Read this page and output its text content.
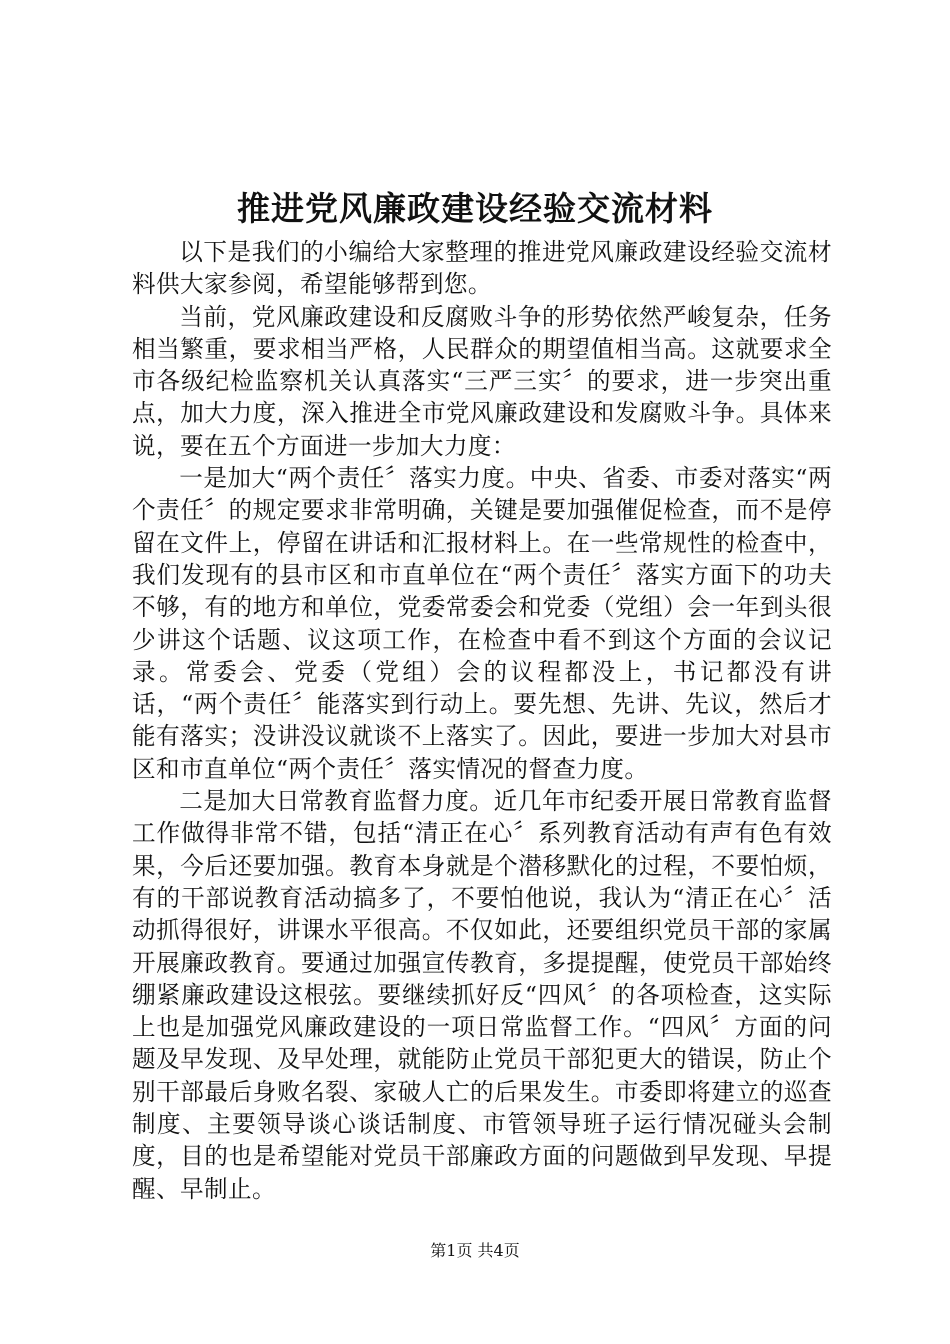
推进党风廉政建设经验交流材料

以下是我们的小编给大家整理的推进党风廉政建设经验交流材料供大家参阅，希望能够帮到您。

当前，党风廉政建设和反腐败斗争的形势依然严峻复杂，任务相当繁重，要求相当严格，人民群众的期望值相当高。这就要求全市各级纪检监察机关认真落实“三严三实〞的要求，进一步突出重点，加大力度，深入推进全市党风廉政建设和发腐败斗争。具体来说，要在五个方面进一步加大力度：

一是加大“两个责任〞落实力度。中央、省委、市委对落实“两个责任〞的规定要求非常明确，关键是要加强催促检查，而不是停留在文件上，停留在讲话和汇报材料上。在一些常规性的检查中，我们发现有的县市区和市直单位在“两个责任〞落实方面下的功夫不够，有的地方和单位，党委常委会和党委（党组）会一年到头很少讲这个话题、议这项工作，在检查中看不到这个方面的会议记录。常委会、党委（党组）会的议程都没上，书记都没有讲话，“两个责任〞能落实到行动上。要先想、先讲、先议，然后才能有落实；没讲没议就谈不上落实了。因此，要进一步加大对县市区和市直单位“两个责任〞落实情况的督查力度。

二是加大日常教育监督力度。近几年市纪委开展日常教育监督工作做得非常不错，包括“清正在心〞系列教育活动有声有色有效果，今后还要加强。教育本身就是个潜移默化的过程，不要怕烦，有的干部说教育活动搞多了，不要怕他说，我认为“清正在心〞活动抓得很好，讲课水平很高。不仅如此，还要组织党员干部的家属开展廉政教育。要通过加强宣传教育，多提提醒，使党员干部始终绷紧廉政建设这根弦。要继续抓好反“四风〞的各项检查，这实际上也是加强党风廉政建设的一项日常监督工作。“四风〞方面的问题及早发现、及早处理，就能防止党员干部犯更大的错误，防止个别干部最后身败名裂、家破人亡的后果发生。市委即将建立的巡查制度、主要领导谈心谈话制度、市管领导班子运行情况碰头会制度，目的也是希望能对党员干部廉政方面的问题做到早发现、早提醒、早制止。

第1页 共4页
